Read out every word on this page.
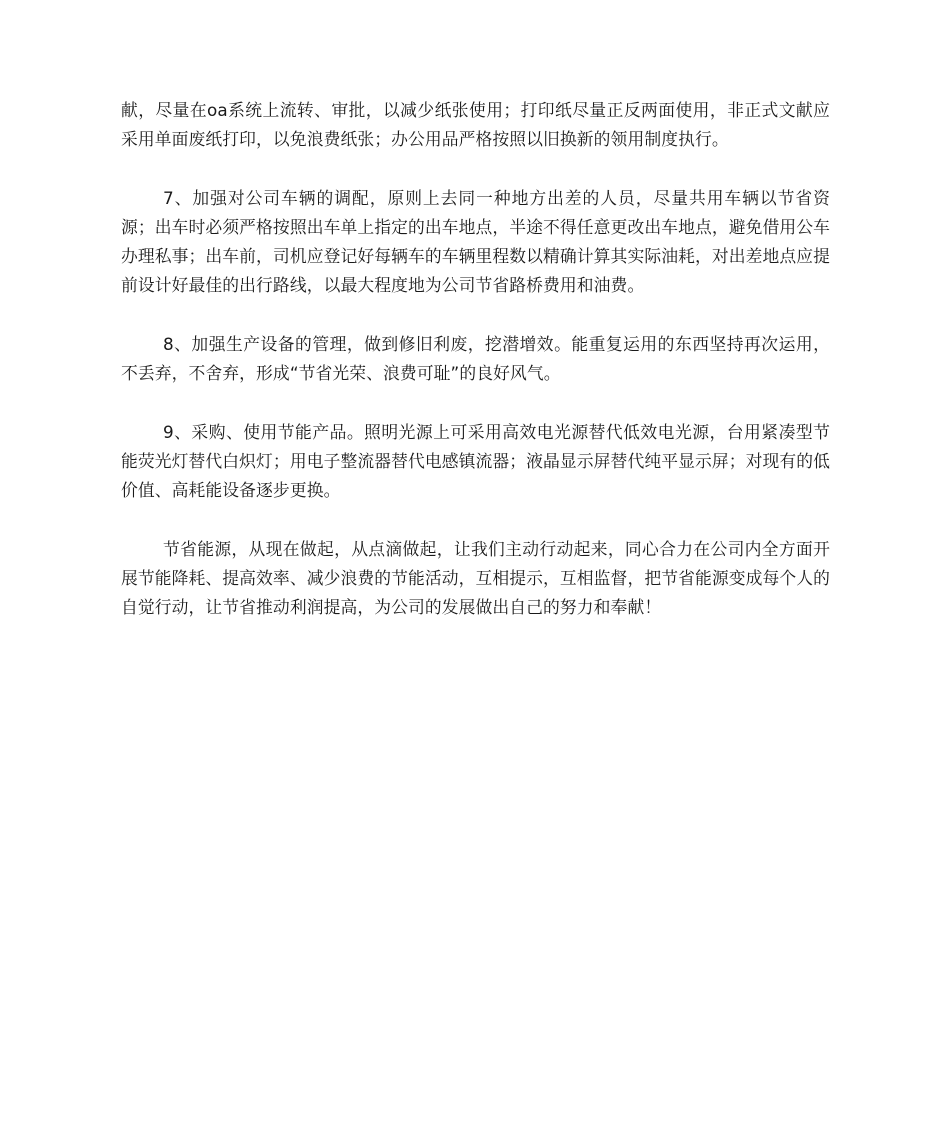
献，尽量在oa系统上流转、审批，以减少纸张使用；打印纸尽量正反两面使用，非正式文献应采用单面废纸打印，以免浪费纸张；办公用品严格按照以旧换新的领用制度执行。

7、加强对公司车辆的调配，原则上去同一种地方出差的人员，尽量共用车辆以节省资源；出车时必须严格按照出车单上指定的出车地点，半途不得任意更改出车地点，避免借用公车办理私事；出车前，司机应登记好每辆车的车辆里程数以精确计算其实际油耗，对出差地点应提前设计好最佳的出行路线，以最大程度地为公司节省路桥费用和油费。

8、加强生产设备的管理，做到修旧利废，挖潜增效。能重复运用的东西坚持再次运用，不丢弃，不舍弃，形成“节省光荣、浪费可耻”的良好风气。

9、采购、使用节能产品。照明光源上可采用高效电光源替代低效电光源，台用紧凑型节能荧光灯替代白炽灯；用电子整流器替代电感镇流器；液晶显示屏替代纯平显示屏；对现有的低价值、高耗能设备逐步更换。

节省能源，从现在做起，从点滴做起，让我们主动行动起来，同心合力在公司内全方面开展节能降耗、提高效率、减少浪费的节能活动，互相提示，互相监督，把节省能源变成每个人的自觉行动，让节省推动利润提高，为公司的发展做出自己的努力和奉献！
